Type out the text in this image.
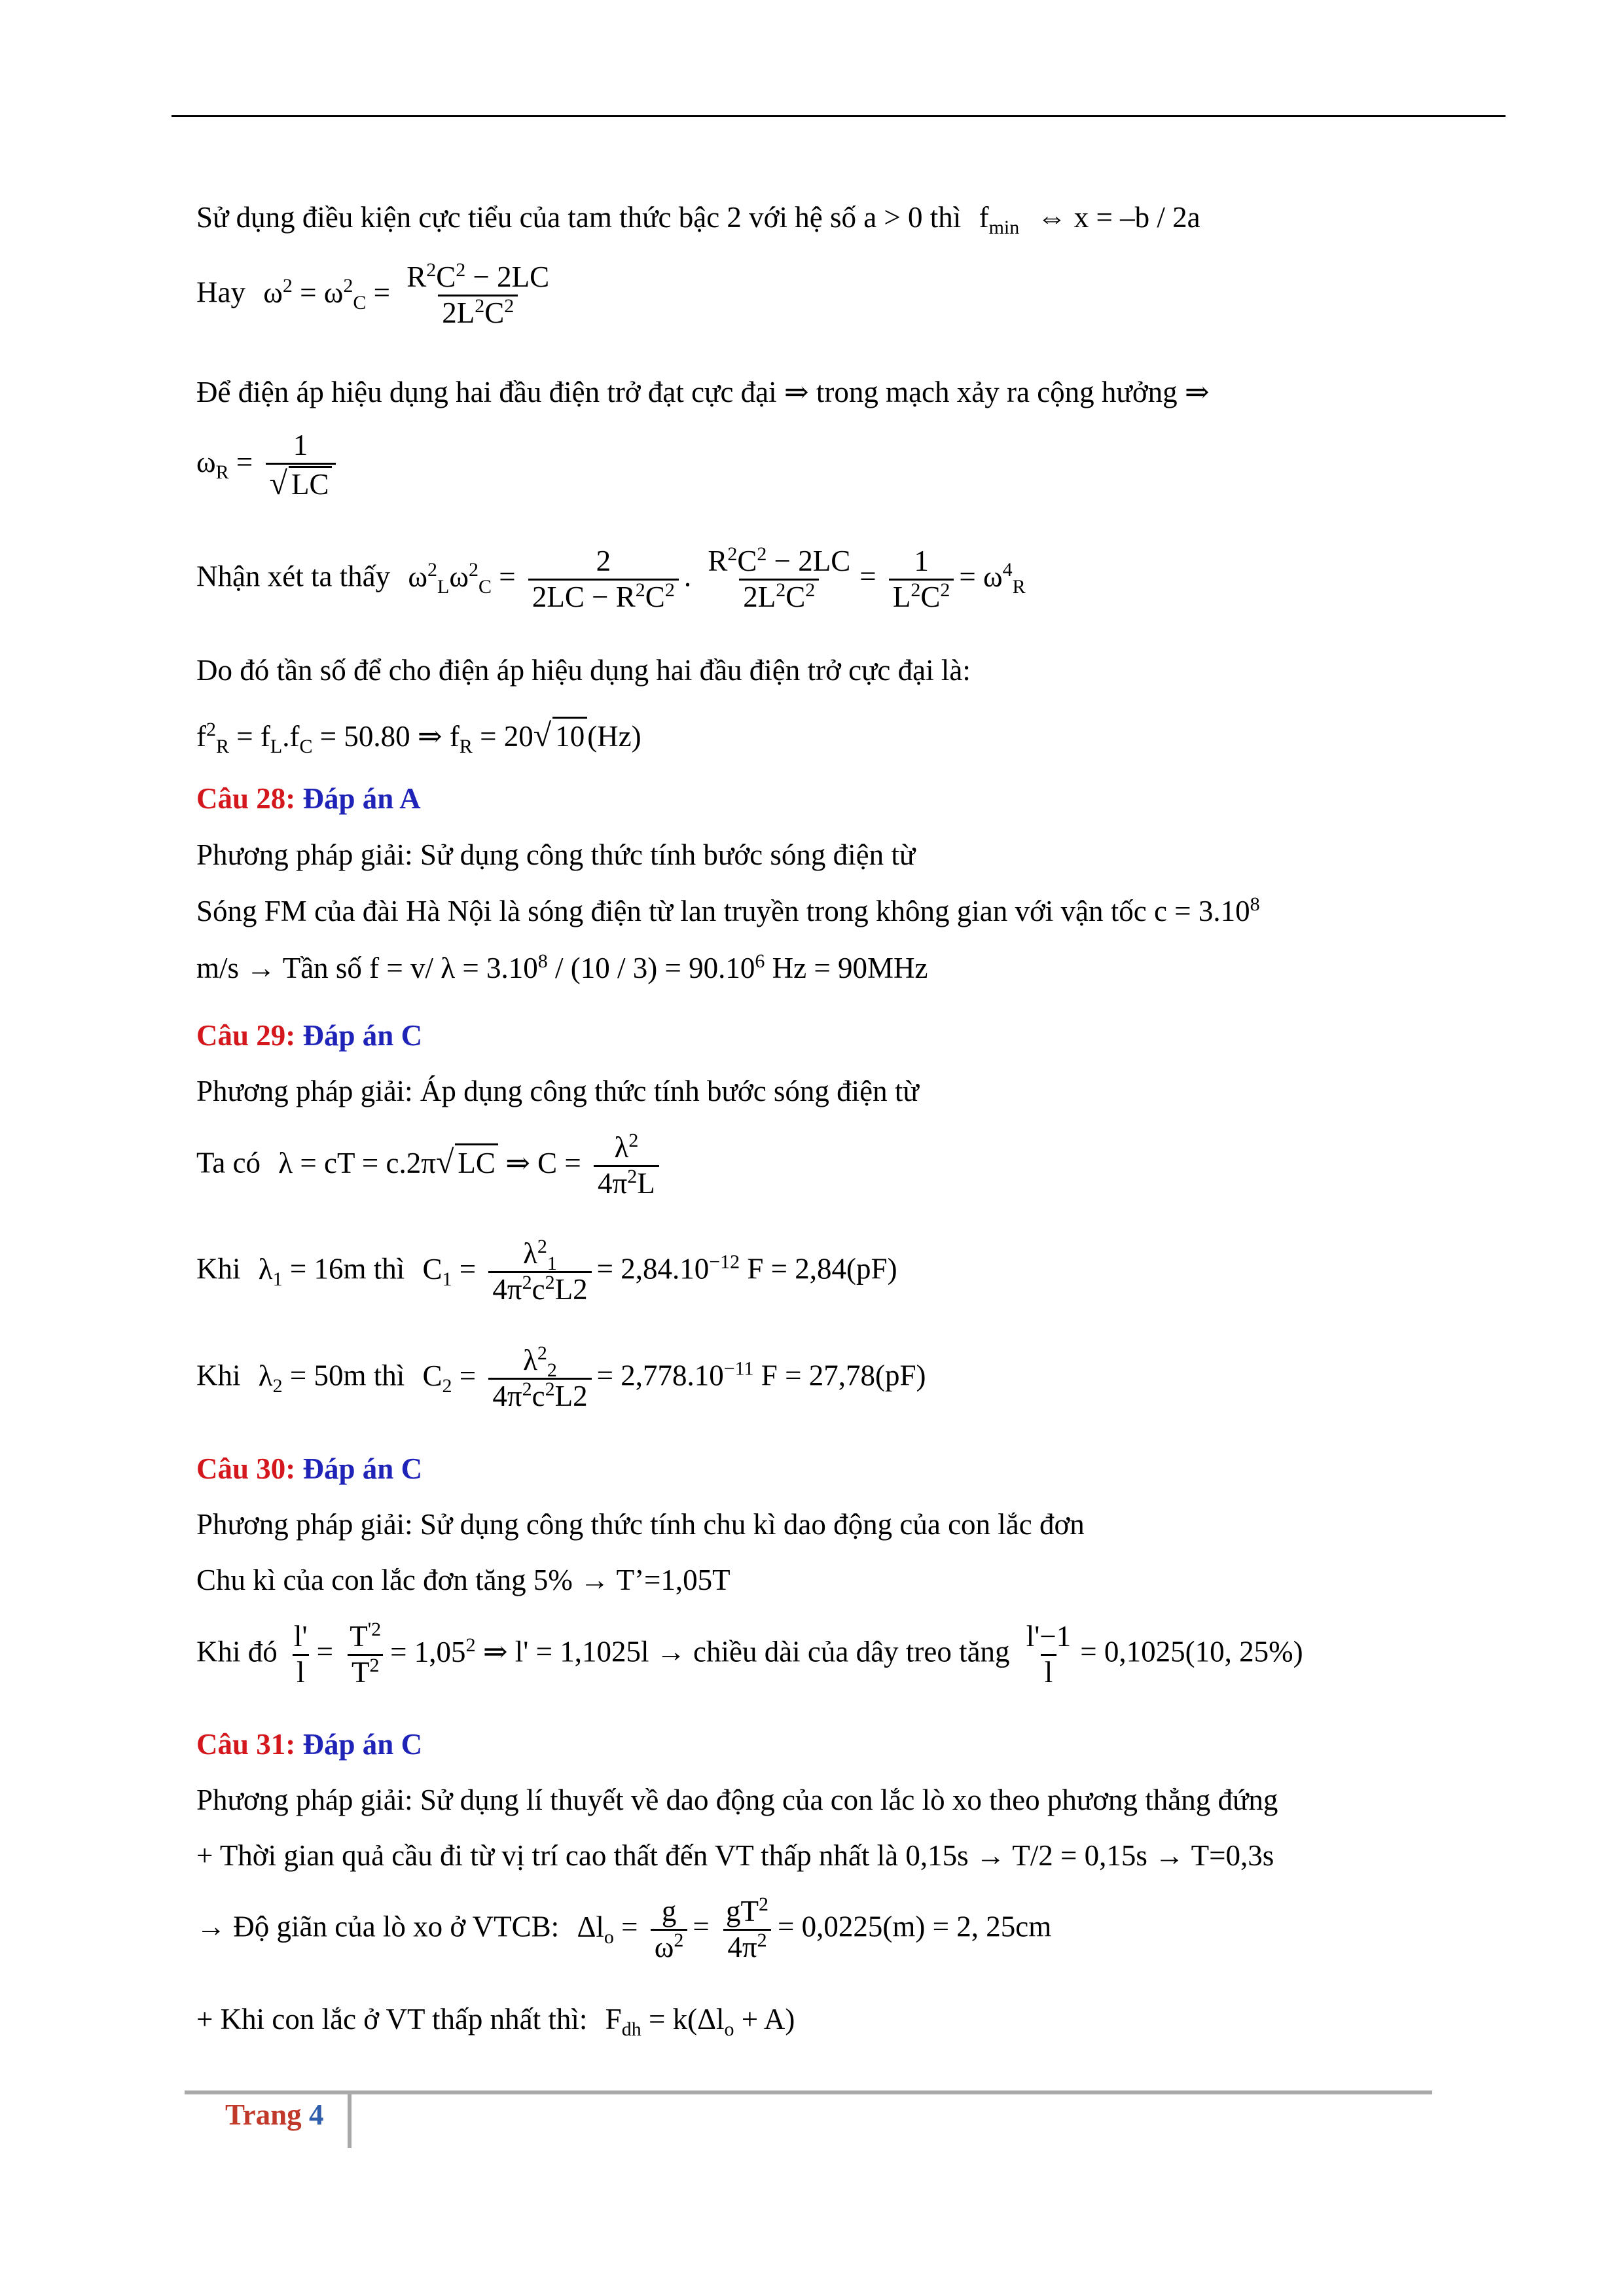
Sử dụng điều kiện cực tiểu của tam thức bậc 2 với hệ số a > 0 thì $f_{min}$ ⇔ x = –b / 2a
Hay $\omega^2 = \omega^2_C = \frac{R^2C^2 - 2LC}{2L^2C^2}$
Để điện áp hiệu dụng hai đầu điện trở đạt cực đại ⇒ trong mạch xảy ra cộng hưởng ⇒
$\omega_R = \frac{1}{√ LC}$
Nhận xét ta thấy $\omega^2_L\omega^2_C = \frac{2}{2LC - R^2C^2}$ . $\frac{R^2C^2 - 2LC}{2L^2C^2} = \frac{1}{L^2C^2} = \omega^4_R$
Do đó tần số để cho điện áp hiệu dụng hai đầu điện trở cực đại là:
$f^2_R = f_L.f_C = 50.80$ ⇒ $f_R = 20√$ 10(Hz)
Câu 28: Đáp án A
Phương pháp giải: Sử dụng công thức tính bước sóng điện từ
Sóng FM của đài Hà Nội là sóng điện từ lan truyền trong không gian với vận tốc $c = 3.10^8$
m/s → Tần số f = v/ $\lambda = 3.10^8 / (10 / 3) = 90.10^6$ Hz = 90MHz
Câu 29: Đáp án C
Phương pháp giải: Áp dụng công thức tính bước sóng điện từ
Ta có λ = cT = c.2π√ LC ⇒ $C = \frac{\lambda^2}{4\pi^2L}$
Khi $\lambda_1 = 16m$ thì $C_1 = \frac{\lambda^2_1}{4\pi^2c^2L2} = 2,84.10^{-12}$ F = 2,84(pF)
Khi $\lambda_2 = 50m$ thì $C_2 = \frac{\lambda^2_2}{4\pi^2c^2L2} = 2,778.10^{-11}$ F = 27,78(pF)
Câu 30: Đáp án C
Phương pháp giải: Sử dụng công thức tính chu kì dao động của con lắc đơn
Chu kì của con lắc đơn tăng 5% → T’=1,05T
Khi đó $\frac{l'}{l} = \frac{T^{'2}}{T^2} = 1,05^2$ ⇒ l' = 1,1025l → chiều dài của dây treo tăng $\frac{l'-1}{l} = 0,1025(10$, 25%)
Câu 31: Đáp án C
Phương pháp giải: Sử dụng lí thuyết về dao động của con lắc lò xo theo phương thẳng đứng
+ Thời gian quả cầu đi từ vị trí cao thất đến VT thấp nhất là 0,15s → T/2 = 0,15s → T=0,3s
→ Độ giãn của lò xo ở VTCB: $\Delta l_o = \frac{g}{\omega^2} = \frac{gT^2}{4\pi^2} = 0,0225(m) = 2$, 25cm
+ Khi con lắc ở VT thấp nhất thì: $F_{dh} = k(\Delta l_o + A)$
Trang 4
